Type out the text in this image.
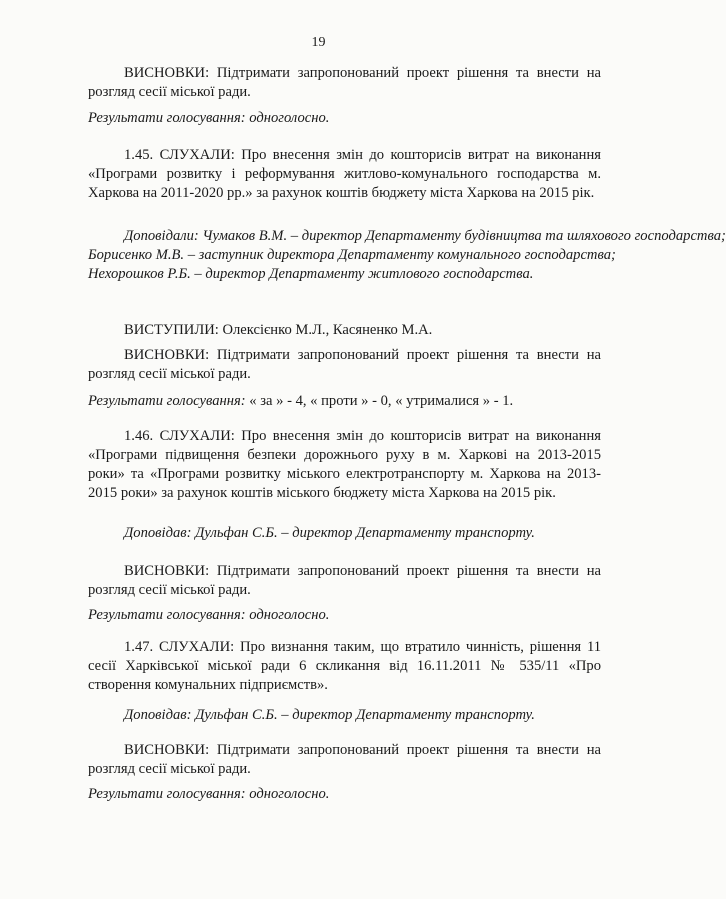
19

ВИСНОВКИ: Підтримати запропонований проект рішення та внести на розгляд сесії міської ради.

Результати голосування: одноголосно.

1.45. СЛУХАЛИ: Про внесення змін до кошторисів витрат на виконання «Програми розвитку і реформування житлово-комунального господарства м. Харкова на 2011-2020 рр.» за рахунок коштів бюджету міста Харкова на 2015 рік.

Доповідали: Чумаков В.М. – директор Департаменту будівництва та шляхового господарства;
Борисенко М.В. – заступник директора Департаменту комунального господарства;
Нехорошков Р.Б. – директор Департаменту житлового господарства.

ВИСТУПИЛИ: Олексієнко М.Л., Касяненко М.А.

ВИСНОВКИ: Підтримати запропонований проект рішення та внести на розгляд сесії міської ради.

Результати голосування: « за » - 4, « проти » - 0, « утрималися » - 1.

1.46. СЛУХАЛИ: Про внесення змін до кошторисів витрат на виконання «Програми підвищення безпеки дорожнього руху в м. Харкові на 2013-2015 роки» та «Програми розвитку міського електротранспорту м. Харкова на 2013-2015 роки» за рахунок коштів міського бюджету міста Харкова на 2015 рік.

Доповідав: Дульфан С.Б. – директор Департаменту транспорту.

ВИСНОВКИ: Підтримати запропонований проект рішення та внести на розгляд сесії міської ради.

Результати голосування: одноголосно.

1.47. СЛУХАЛИ: Про визнання таким, що втратило чинність, рішення 11 сесії Харківської міської ради 6 скликання від 16.11.2011 № 535/11 «Про створення комунальних підприємств».

Доповідав: Дульфан С.Б. – директор Департаменту транспорту.

ВИСНОВКИ: Підтримати запропонований проект рішення та внести на розгляд сесії міської ради.

Результати голосування: одноголосно.
